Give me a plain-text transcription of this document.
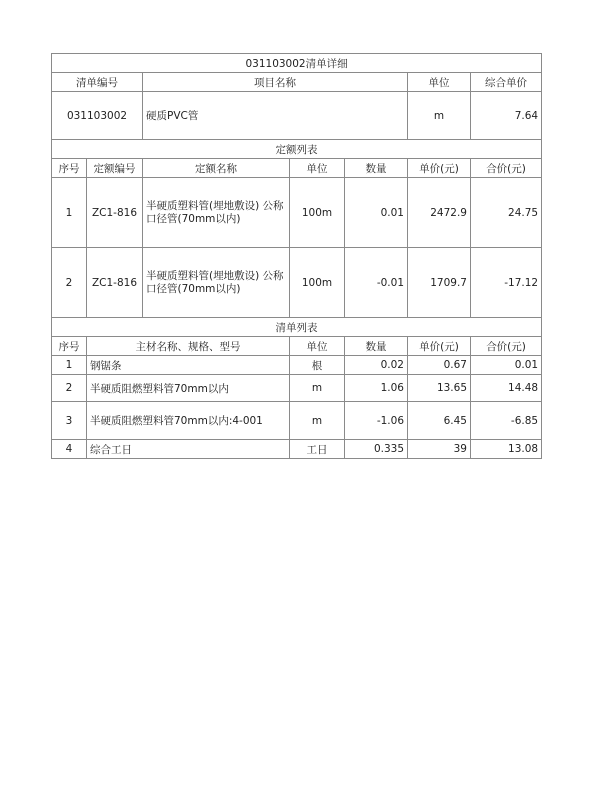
031103002清单详细						
清单编号		项目名称			单位	综合单价
031103002		硬质PVC管			m	7.64
定额列表						
序号	定额编号	定额名称	单位	数量	单价(元)	合价(元)
1	ZC1-816	半硬质塑料管(埋地敷设) 公称口径管(70mm以内)	100m	0.01	2472.9	24.75
2	ZC1-816	半硬质塑料管(埋地敷设) 公称口径管(70mm以内)	100m	-0.01	1709.7	-17.12
清单列表						
序号	主材名称、规格、型号		单位	数量	单价(元)	合价(元)
1	钢锯条		根	0.02	0.67	0.01
2	半硬质阻燃塑料管70mm以内		m	1.06	13.65	14.48
3	半硬质阻燃塑料管70mm以内:4-001		m	-1.06	6.45	-6.85
4	综合工日		工日	0.335	39	13.08
